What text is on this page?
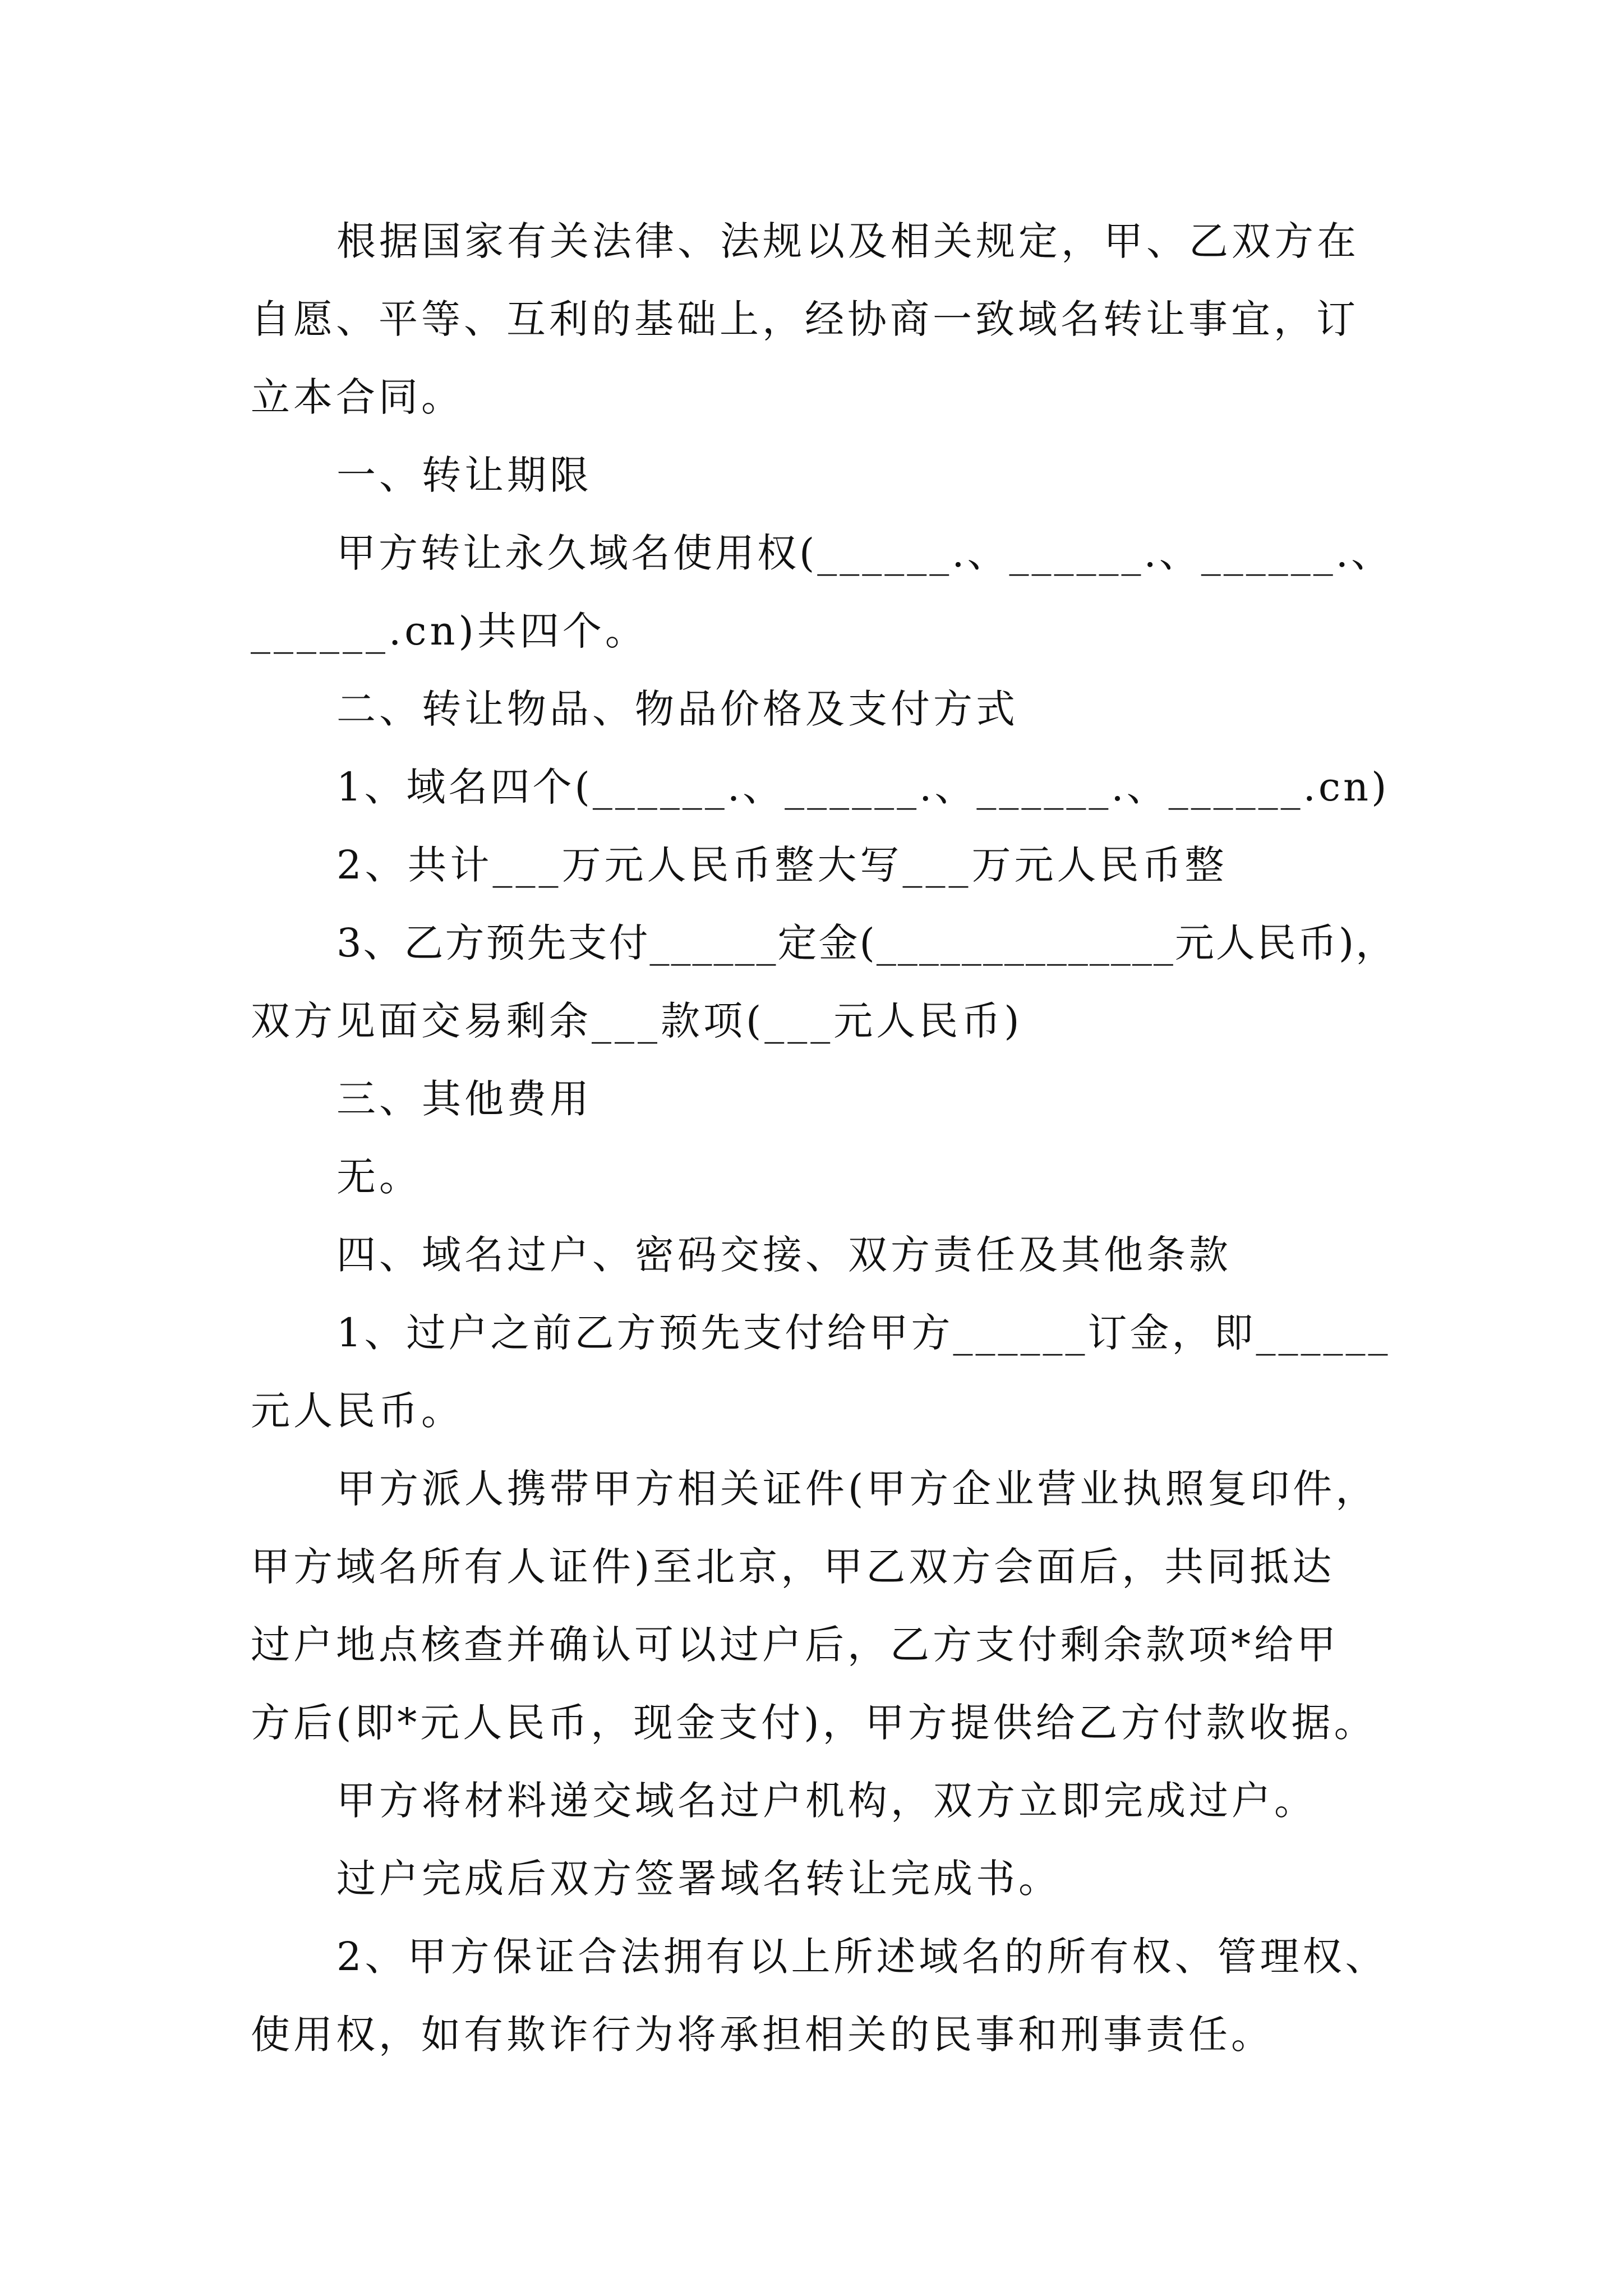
根据国家有关法律、法规以及相关规定，甲、乙双方在
自愿、平等、互利的基础上，经协商一致域名转让事宜，订
立本合同。
一、转让期限
甲方转让永久域名使用权(______.、______.、______.、
______.cn)共四个。
二、转让物品、物品价格及支付方式
1、域名四个(______.、______.、______.、______.cn)
2、共计___万元人民币整大写___万元人民币整
3、乙方预先支付______定金(______________元人民币)，
双方见面交易剩余___款项(___元人民币)
三、其他费用
无。
四、域名过户、密码交接、双方责任及其他条款
1、过户之前乙方预先支付给甲方______订金，即______
元人民币。
甲方派人携带甲方相关证件(甲方企业营业执照复印件，
甲方域名所有人证件)至北京，甲乙双方会面后，共同抵达
过户地点核查并确认可以过户后，乙方支付剩余款项*给甲
方后(即*元人民币，现金支付)，甲方提供给乙方付款收据。
甲方将材料递交域名过户机构，双方立即完成过户。
过户完成后双方签署域名转让完成书。
2、甲方保证合法拥有以上所述域名的所有权、管理权、
使用权，如有欺诈行为将承担相关的民事和刑事责任。
